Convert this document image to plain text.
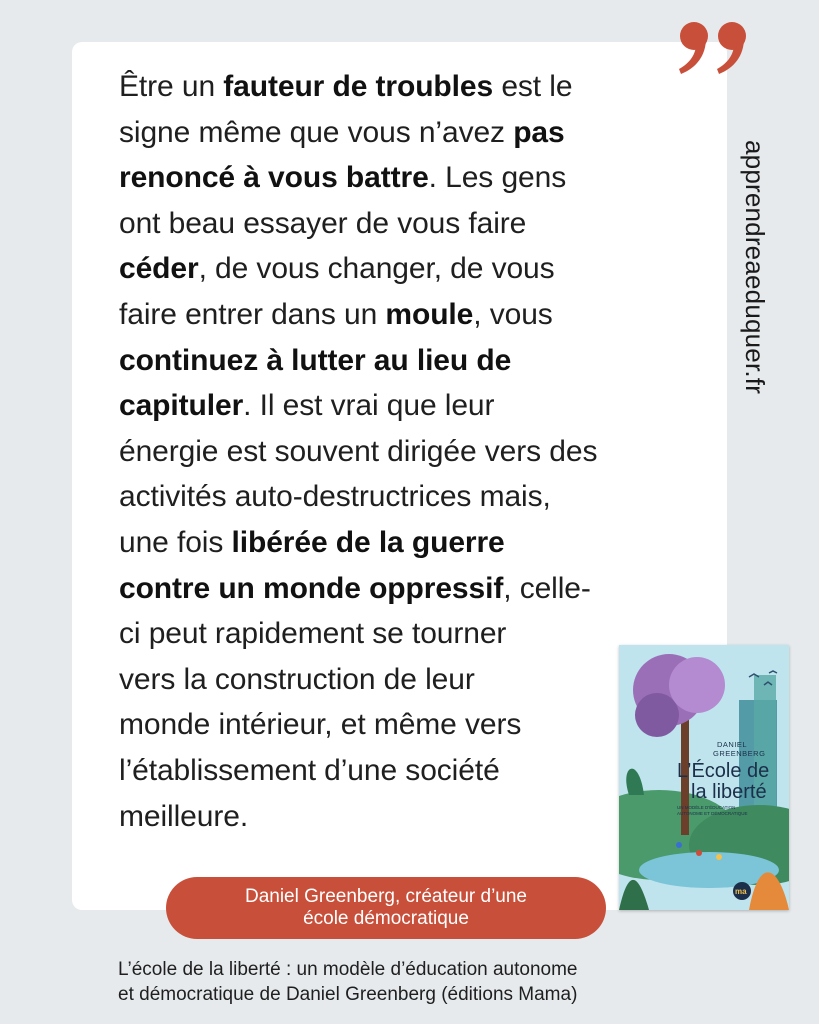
Être un fauteur de troubles est le
signe même que vous n’avez pas
renoncé à vous battre. Les gens
ont beau essayer de vous faire
céder, de vous changer, de vous
faire entrer dans un moule, vous
continuez à lutter au lieu de
capituler. Il est vrai que leur
énergie est souvent dirigée vers des
activités auto-destructrices mais,
une fois libérée de la guerre
contre un monde oppressif, celle-
ci peut rapidement se tourner
vers la construction de leur
monde intérieur, et même vers
l’établissement d’une société
meilleure.
apprendreaeduquer.fr
DANIEL
GREENBERG
L’École de
la liberté
UN MODÈLE D’ÉDUCATION
AUTONOME ET DÉMOCRATIQUE
ma
Daniel Greenberg, créateur d’une
école démocratique
L’école de la liberté : un modèle d’éducation autonome
et démocratique de Daniel Greenberg (éditions Mama)
